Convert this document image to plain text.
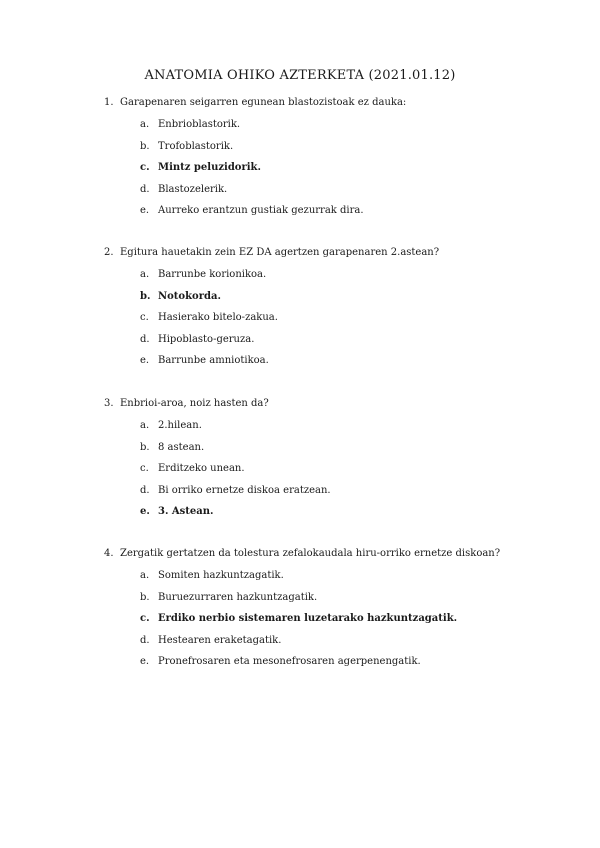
ANATOMIA OHIKO AZTERKETA (2021.01.12)
1. Garapenaren seigarren egunean blastozistoak ez dauka:
a. Enbrioblastorik.
b. Trofoblastorik.
c. Mintz peluzidorik.
d. Blastozelerik.
e. Aurreko erantzun gustiak gezurrak dira.
2. Egitura hauetakin zein EZ DA agertzen garapenaren 2.astean?
a. Barrunbe korionikoa.
b. Notokorda.
c. Hasierako bitelo-zakua.
d. Hipoblasto-geruza.
e. Barrunbe amniotikoa.
3. Enbrioi-aroa, noiz hasten da?
a. 2.hilean.
b. 8 astean.
c. Erditzeko unean.
d. Bi orriko ernetze diskoa eratzean.
e. 3. Astean.
4. Zergatik gertatzen da tolestura zefalokaudala hiru-orriko ernetze diskoan?
a. Somiten hazkuntzagatik.
b. Buruezurraren hazkuntzagatik.
c. Erdiko nerbio sistemaren luzetarako hazkuntzagatik.
d. Hestearen eraketagatik.
e. Pronefrosaren eta mesonefrosaren agerpenengatik.
